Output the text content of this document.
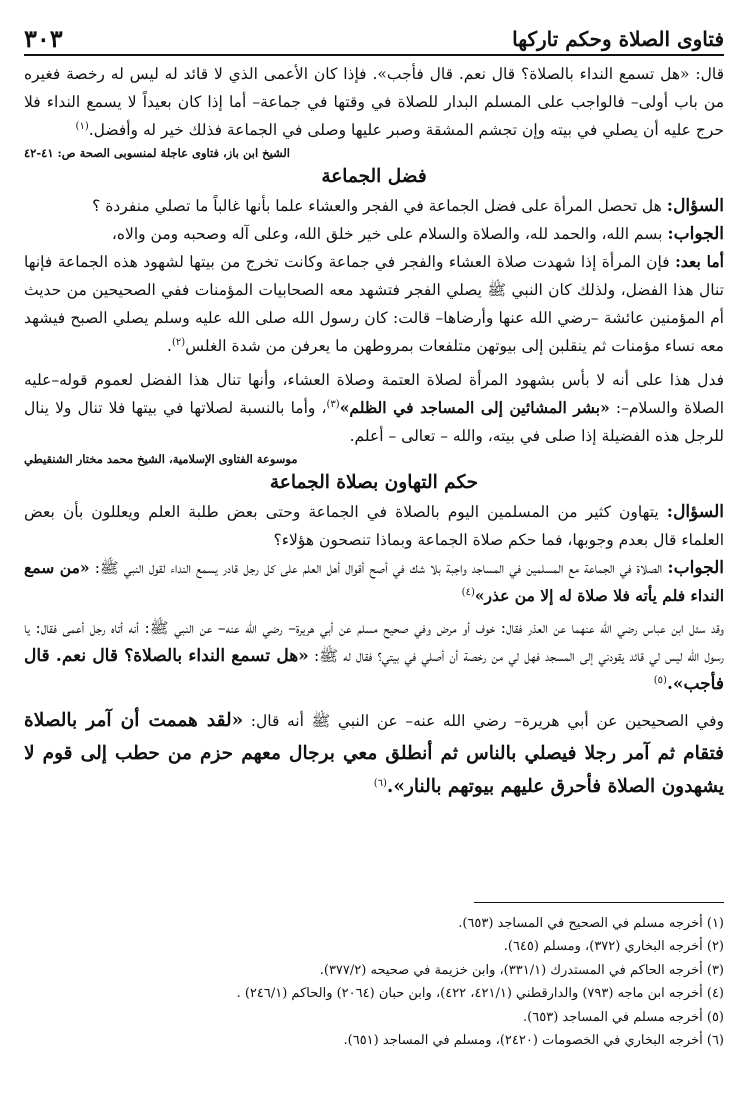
فتاوى الصلاة وحكم تاركها
٣٠٣

قال: «هل تسمع النداء بالصلاة؟ قال نعم. قال فأجب». فإذا كان الأعمى الذي لا قائد له ليس له رخصة فغيره من باب أولى– فالواجب على المسلم البدار للصلاة في وقتها في جماعة– أما إذا كان بعيداً لا يسمع النداء فلا حرج عليه أن يصلي في بيته وإن تجشم المشقة وصبر عليها وصلى في الجماعة فذلك خير له وأفضل.$^{(١)}$

الشيخ ابن باز، فتاوى عاجلة لمنسوبى الصحة ص: ٤١-٤٢

فضل الجماعة

السؤال: هل تحصل المرأة على فضل الجماعة في الفجر والعشاء علما بأنها غالباً ما تصلي منفردة ؟

الجواب: بسم الله، والحمد لله، والصلاة والسلام على خير خلق الله، وعلى آله وصحبه ومن والاه،

أما بعد: فإن المرأة إذا شهدت صلاة العشاء والفجر في جماعة وكانت تخرج من بيتها لشهود هذه الجماعة فإنها تنال هذا الفضل، ولذلك كان النبي ﷺ يصلي الفجر فتشهد معه الصحابيات المؤمنات ففي الصحيحين من حديث أم المؤمنين عائشة –رضي الله عنها وأرضاها– قالت: كان رسول الله صلى الله عليه وسلم يصلي الصبح فيشهد معه نساء مؤمنات ثم ينقلبن إلى بيوتهن متلفعات بمروطهن ما يعرفن من شدة الغلس$^{(٢)}$.

فدل هذا على أنه لا بأس بشهود المرأة لصلاة العتمة وصلاة العشاء، وأنها تنال هذا الفضل لعموم قوله–عليه الصلاة والسلام–: «بشر المشائين إلى المساجد في الظلم»$^{(٣)}$، وأما بالنسبة لصلاتها في بيتها فلا تنال ولا ينال للرجل هذه الفضيلة إذا صلى في بيته، والله – تعالى – أعلم.

موسوعة الفتاوى الإسلامية، الشيخ محمد مختار الشنقيطي

حكم التهاون بصلاة الجماعة

السؤال: يتهاون كثير من المسلمين اليوم بالصلاة في الجماعة وحتى بعض طلبة العلم ويعللون بأن بعض العلماء قال بعدم وجوبها، فما حكم صلاة الجماعة وبماذا تنصحون هؤلاء؟

الجواب: الصلاة في الجماعة مع المسلمين في المساجد واجبة بلا شك في أصح أقوال أهل العلم على كل رجل قادر يسمع النداء لقول النبي ﷺ: «من سمع النداء فلم يأته فلا صلاة له إلا من عذر»$^{(٤)}$

وقد سئل ابن عباس رضي الله عنهما عن العذر فقال: خوف أو مرض وفي صحيح مسلم عن أبي هريرة– رضي الله عنه– عن النبي ﷺ: أنه أتاه رجل أعمى فقال: يا رسول الله ليس لي قائد يقودني إلى المسجد فهل لي من رخصة أن أصلي في بيتي؟ فقال له ﷺ: «هل تسمع النداء بالصلاة؟ قال نعم. قال فأجب».$^{(٥)}$

وفي الصحيحين عن أبي هريرة– رضي الله عنه– عن النبي ﷺ أنه قال: «لقد هممت أن آمر بالصلاة فتقام ثم آمر رجلا فيصلي بالناس ثم أنطلق معي برجال معهم حزم من حطب إلى قوم لا يشهدون الصلاة فأحرق عليهم بيوتهم بالنار».$^{(٦)}$

(١) أخرجه مسلم في الصحيح في المساجد (٦٥٣).

(٢) أخرجه البخاري (٣٧٢)، ومسلم (٦٤٥).

(٣) أخرجه الحاكم في المستدرك (٣٣١/١)، وابن خزيمة في صحيحه (٣٧٧/٢).

(٤) أخرجه ابن ماجه (٧٩٣) والدارقطني (٤٢١/١، ٤٢٢)، وابن حبان (٢٠٦٤) والحاكم (٢٤٦/١) .

(٥) أخرجه مسلم في المساجد (٦٥٣).

(٦) أخرجه البخاري في الخصومات (٢٤٢٠)، ومسلم في المساجد (٦٥١).
